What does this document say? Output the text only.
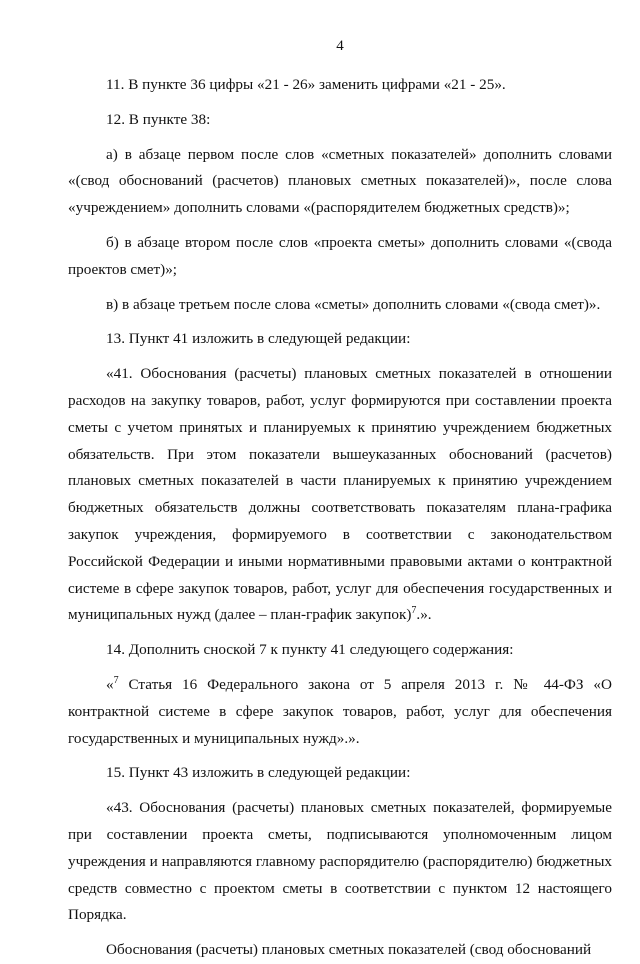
4

11. В пункте 36 цифры «21 - 26» заменить цифрами «21 - 25».

12. В пункте 38:

а) в абзаце первом после слов «сметных показателей» дополнить словами «(свод обоснований (расчетов) плановых сметных показателей)», после слова «учреждением» дополнить словами «(распорядителем бюджетных средств)»;

б) в абзаце втором после слов «проекта сметы» дополнить словами «(свода проектов смет)»;

в) в абзаце третьем после слова «сметы» дополнить словами «(свода смет)».

13. Пункт 41 изложить в следующей редакции:

«41. Обоснования (расчеты) плановых сметных показателей в отношении расходов на закупку товаров, работ, услуг формируются при составлении проекта сметы с учетом принятых и планируемых к принятию учреждением бюджетных обязательств. При этом показатели вышеуказанных обоснований (расчетов) плановых сметных показателей в части планируемых к принятию учреждением бюджетных обязательств должны соответствовать показателям плана-графика закупок учреждения, формируемого в соответствии с законодательством Российской Федерации и иными нормативными правовыми актами о контрактной системе в сфере закупок товаров, работ, услуг для обеспечения государственных и муниципальных нужд (далее – план-график закупок)$^7$.».

14. Дополнить сноской 7 к пункту 41 следующего содержания:

«$^7$ Статья 16 Федерального закона от 5 апреля 2013 г. № 44-ФЗ «О контрактной системе в сфере закупок товаров, работ, услуг для обеспечения государственных и муниципальных нужд».».

15. Пункт 43 изложить в следующей редакции:

«43. Обоснования (расчеты) плановых сметных показателей, формируемые при составлении проекта сметы, подписываются уполномоченным лицом учреждения и направляются главному распорядителю (распорядителю) бюджетных средств совместно с проектом сметы в соответствии с пунктом 12 настоящего Порядка.

Обоснования (расчеты) плановых сметных показателей (свод обоснований
